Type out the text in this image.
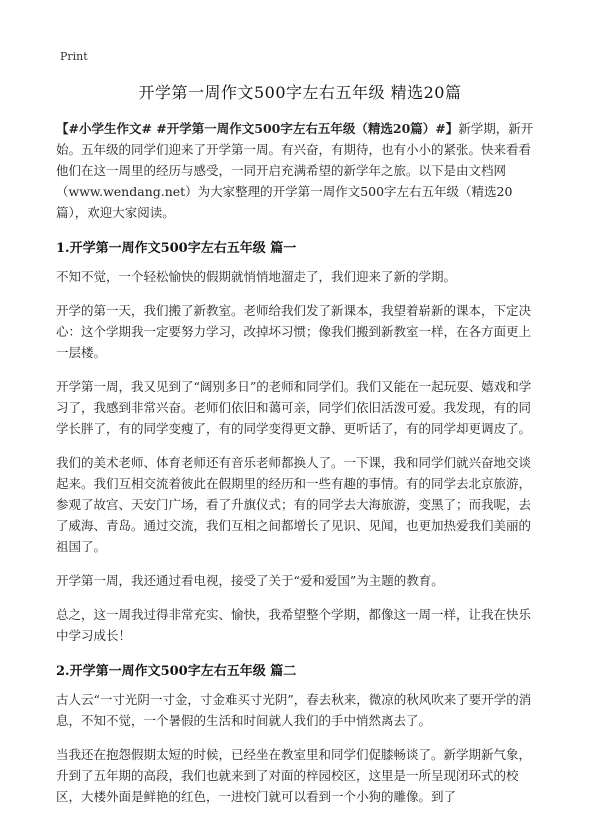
Print
开学第一周作文500字左右五年级 精选20篇

【#小学生作文# #开学第一周作文500字左右五年级（精选20篇）#】新学期，新开始。五年级的同学们迎来了开学第一周。有兴奋，有期待，也有小小的紧张。快来看看他们在这一周里的经历与感受，一同开启充满希望的新学年之旅。以下是由文档网（www.wendang.net）为大家整理的开学第一周作文500字左右五年级（精选20篇），欢迎大家阅读。

1.开学第一周作文500字左右五年级 篇一

不知不觉，一个轻松愉快的假期就悄悄地溜走了，我们迎来了新的学期。

开学的第一天，我们搬了新教室。老师给我们发了新课本，我望着崭新的课本，下定决心：这个学期我一定要努力学习，改掉坏习惯；像我们搬到新教室一样，在各方面更上一层楼。

开学第一周，我又见到了“阔别多日”的老师和同学们。我们又能在一起玩耍、嬉戏和学习了，我感到非常兴奋。老师们依旧和蔼可亲，同学们依旧活泼可爱。我发现，有的同学长胖了，有的同学变瘦了，有的同学变得更文静、更听话了，有的同学却更调皮了。

我们的美术老师、体育老师还有音乐老师都换人了。一下课，我和同学们就兴奋地交谈起来。我们互相交流着彼此在假期里的经历和一些有趣的事情。有的同学去北京旅游，参观了故宫、天安门广场，看了升旗仪式；有的同学去大海旅游，变黑了；而我呢，去了威海、青岛。通过交流，我们互相之间都增长了见识、见闻，也更加热爱我们美丽的祖国了。

开学第一周，我还通过看电视，接受了关于“爱和爱国”为主题的教育。

总之，这一周我过得非常充实、愉快，我希望整个学期，都像这一周一样，让我在快乐中学习成长！

2.开学第一周作文500字左右五年级 篇二

古人云“一寸光阴一寸金，寸金难买寸光阴”，春去秋来，微凉的秋风吹来了要开学的消息，不知不觉，一个暑假的生活和时间就人我们的手中悄然离去了。

当我还在抱怨假期太短的时候，已经坐在教室里和同学们促膝畅谈了。新学期新气象，升到了五年期的高段，我们也就来到了对面的梓园校区，这里是一所呈现闭环式的校区，大楼外面是鲜艳的红色，一进校门就可以看到一个小狗的雕像。到了
